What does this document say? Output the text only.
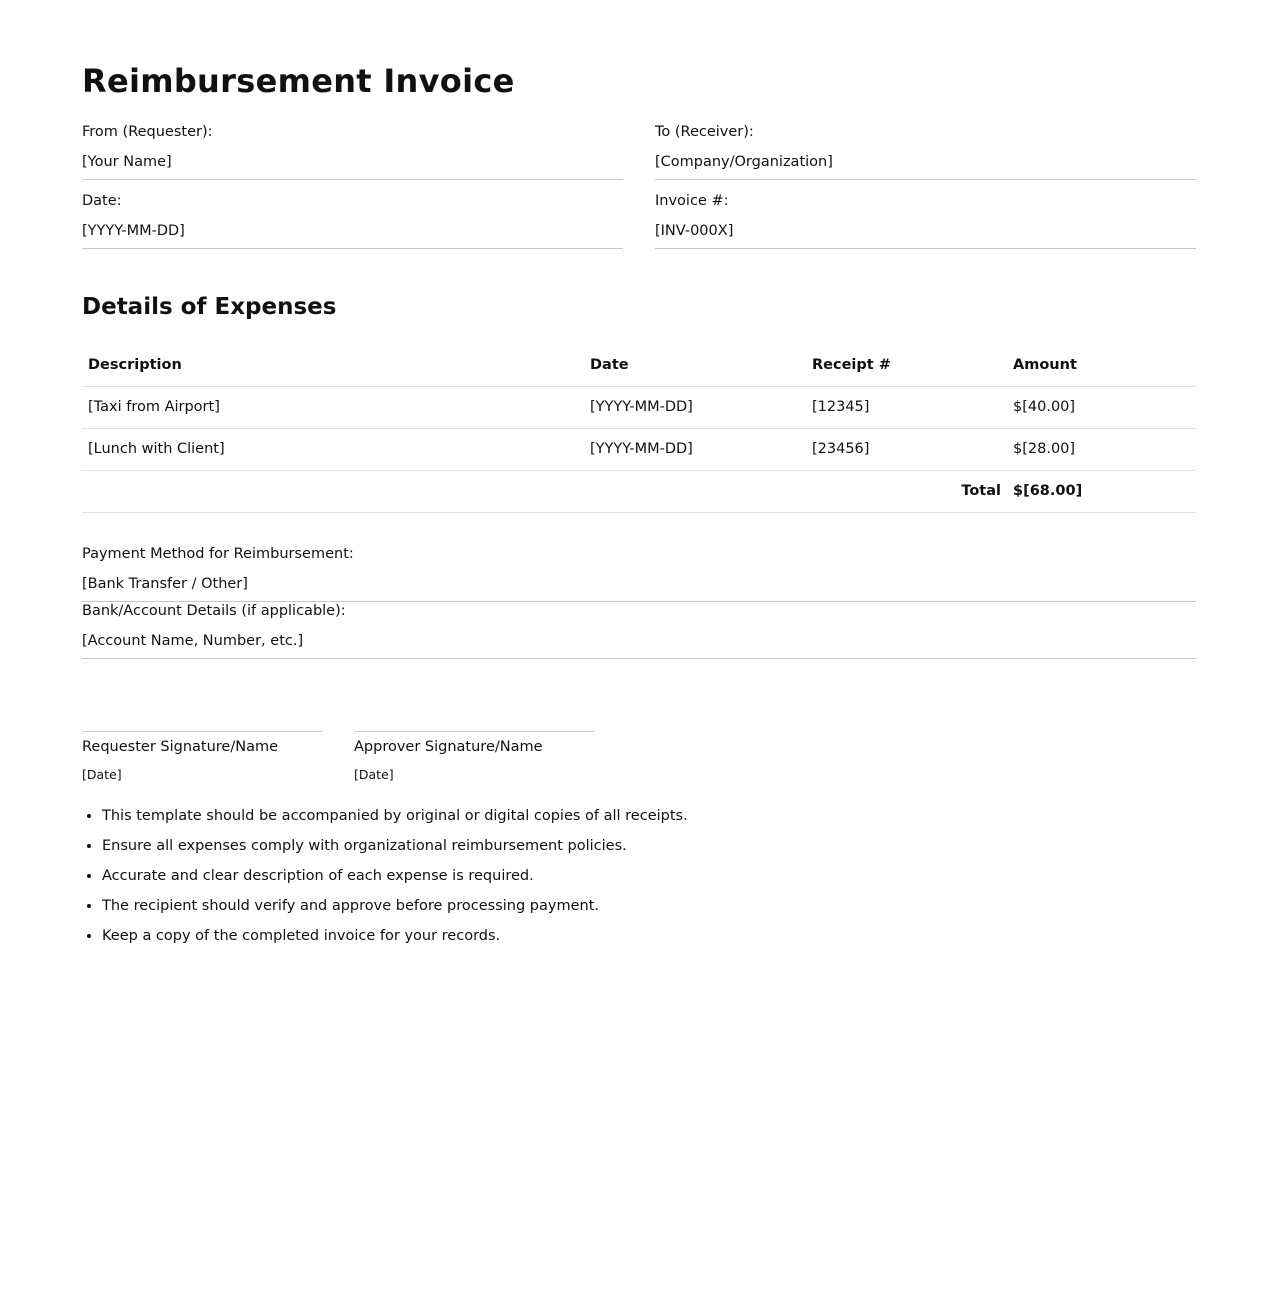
Reimbursement Invoice
From (Requester):
[Your Name]
To (Receiver):
[Company/Organization]
Date:
[YYYY-MM-DD]
Invoice #:
[INV-000X]
Details of Expenses
Description	Date	Receipt #	Amount
[Taxi from Airport]	[YYYY-MM-DD]	[12345]	$[40.00]
[Lunch with Client]	[YYYY-MM-DD]	[23456]	$[28.00]
Total $[68.00]
Payment Method for Reimbursement:
[Bank Transfer / Other]
Bank/Account Details (if applicable):
[Account Name, Number, etc.]
Requester Signature/Name
[Date]
Approver Signature/Name
[Date]
• This template should be accompanied by original or digital copies of all receipts.
• Ensure all expenses comply with organizational reimbursement policies.
• Accurate and clear description of each expense is required.
• The recipient should verify and approve before processing payment.
• Keep a copy of the completed invoice for your records.
